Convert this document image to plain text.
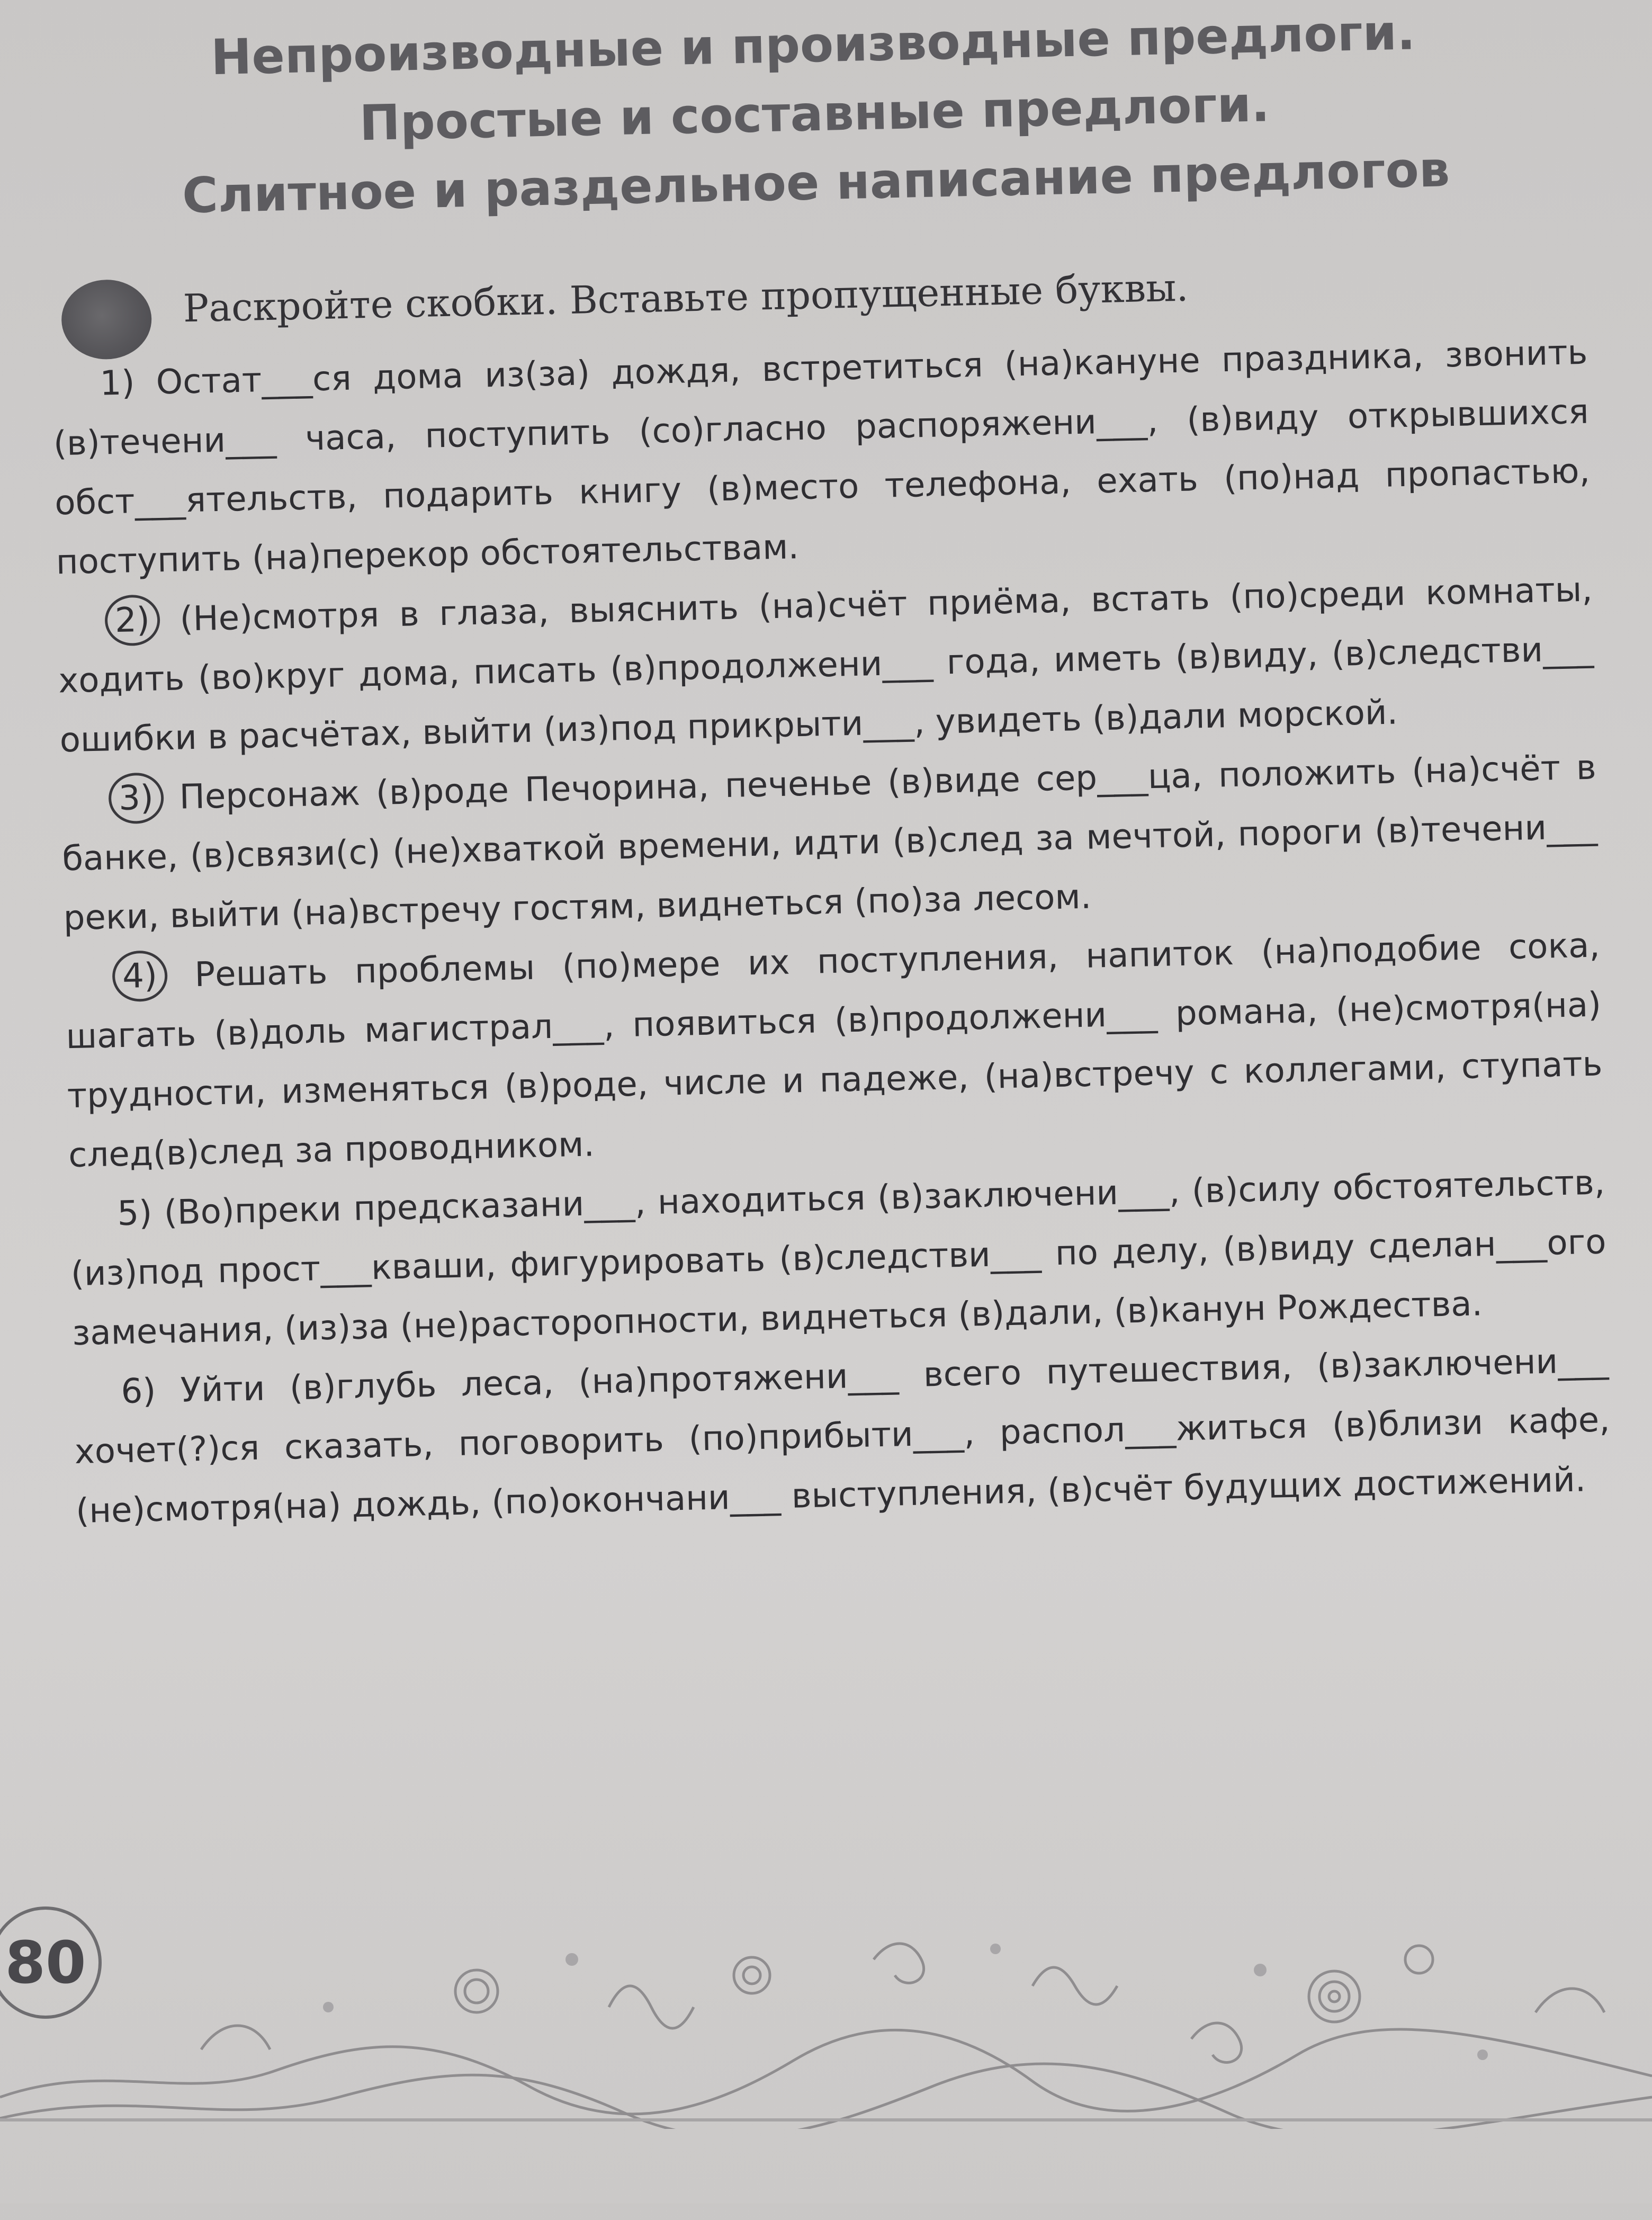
Непроизводные и производные предлоги.
Простые и составные предлоги.
Слитное и раздельное написание предлогов
Раскройте скобки. Вставьте пропущенные буквы.

1) Остат___ся дома из(за) дождя, встретиться (на)кануне праздника, звонить (в)течени___ часа, поступить (со)гласно распоряжени___, (в)виду открывшихся обст___ятельств, подарить книгу (в)место телефона, ехать (по)над пропастью, поступить (на)перекор обстоятельствам.

2) (Не)смотря в глаза, выяснить (на)счёт приёма, встать (по)среди комнаты, ходить (во)круг дома, писать (в)продолжени___ года, иметь (в)виду, (в)следстви___ ошибки в расчётах, выйти (из)под прикрыти___, увидеть (в)дали морской.

3) Персонаж (в)роде Печорина, печенье (в)виде сер___ца, положить (на)счёт в банке, (в)связи(с) (не)хваткой времени, идти (в)след за мечтой, пороги (в)течени___ реки, выйти (на)встречу гостям, виднеться (по)за лесом.

4) Решать проблемы (по)мере их поступления, напиток (на)подобие сока, шагать (в)доль магистрал___, появиться (в)продолжени___ романа, (не)смотря(на) трудности, изменяться (в)роде, числе и падеже, (на)встречу с коллегами, ступать след(в)след за проводником.

5) (Во)преки предсказани___, находиться (в)заключени___, (в)силу обстоятельств, (из)под прост___кваши, фигурировать (в)следстви___ по делу, (в)виду сделан___ого замечания, (из)за (не)расторопности, виднеться (в)дали, (в)канун Рождества.

6) Уйти (в)глубь леса, (на)протяжени___ всего путешествия, (в)заключени___ хочет(?)ся сказать, поговорить (по)прибыти___, распол___житься (в)близи кафе, (не)смотря(на) дождь, (по)окончани___ выступления, (в)счёт будущих достижений.

80
